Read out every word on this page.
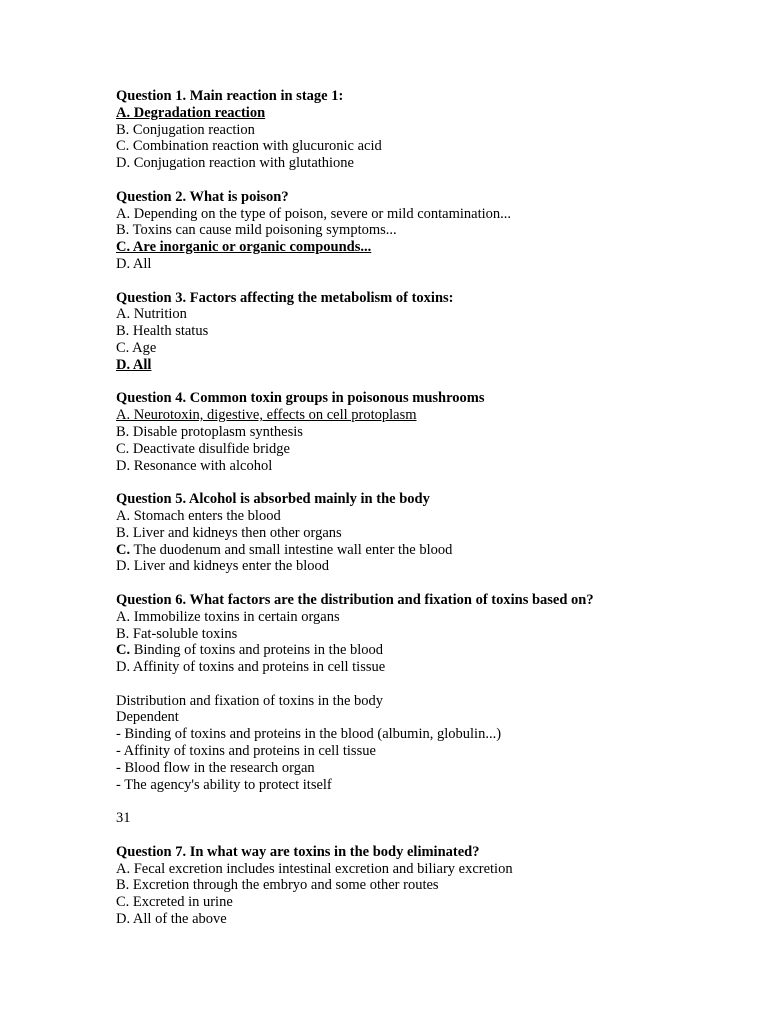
Question 1. Main reaction in stage 1:
A. Degradation reaction
B. Conjugation reaction
C. Combination reaction with glucuronic acid
D. Conjugation reaction with glutathione
Question 2. What is poison?
A. Depending on the type of poison, severe or mild contamination...
B. Toxins can cause mild poisoning symptoms...
C. Are inorganic or organic compounds...
D. All
Question 3. Factors affecting the metabolism of toxins:
A. Nutrition
B. Health status
C. Age
D. All
Question 4. Common toxin groups in poisonous mushrooms
A. Neurotoxin, digestive, effects on cell protoplasm
B. Disable protoplasm synthesis
C. Deactivate disulfide bridge
D. Resonance with alcohol
Question 5. Alcohol is absorbed mainly in the body
A. Stomach enters the blood
B. Liver and kidneys then other organs
C. The duodenum and small intestine wall enter the blood
D. Liver and kidneys enter the blood
Question 6. What factors are the distribution and fixation of toxins based on?
A. Immobilize toxins in certain organs
B. Fat-soluble toxins
C. Binding of toxins and proteins in the blood
D. Affinity of toxins and proteins in cell tissue
Distribution and fixation of toxins in the body
Dependent
- Binding of toxins and proteins in the blood (albumin, globulin...)
- Affinity of toxins and proteins in cell tissue
- Blood flow in the research organ
- The agency's ability to protect itself
31
Question 7. In what way are toxins in the body eliminated?
A. Fecal excretion includes intestinal excretion and biliary excretion
B. Excretion through the embryo and some other routes
C. Excreted in urine
D. All of the above
